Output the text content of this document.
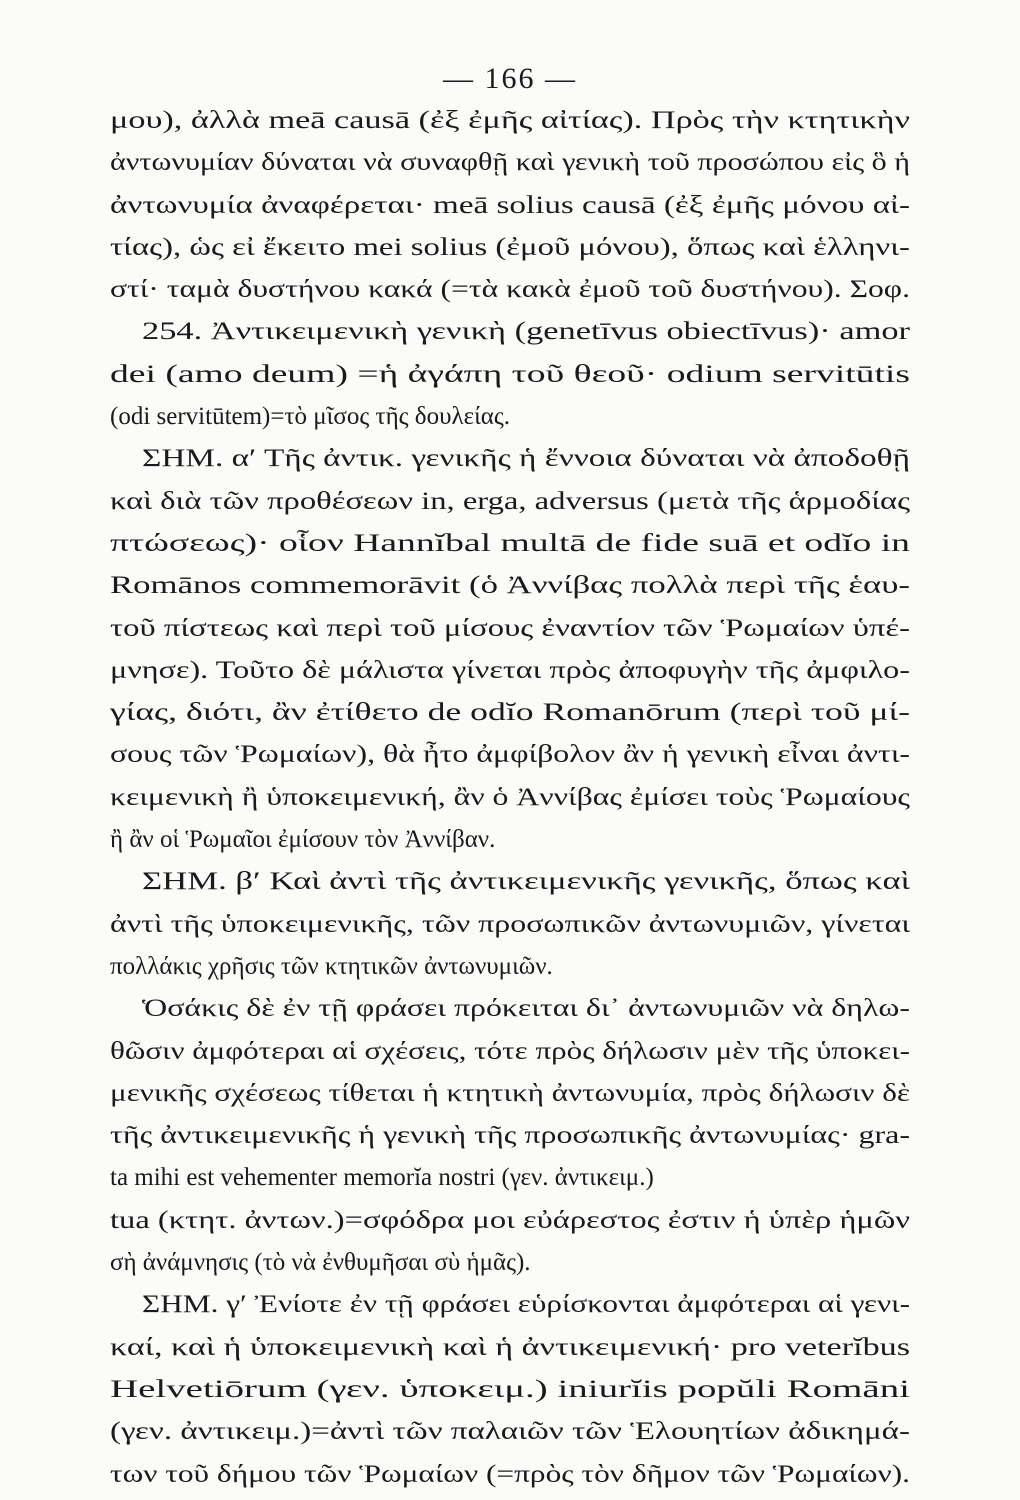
— 166 —
μου), ἀλλὰ meā causā (ἐξ ἐμῆς αἰτίας). Πρὸς τὴν κτητικὴν
ἀντωνυμίαν δύναται νὰ συναφθῇ καὶ γενικὴ τοῦ προσώπου εἰς ὃ ἡ
ἀντωνυμία ἀναφέρεται· meā solius causā (ἐξ ἐμῆς μόνου αἰ-
τίας), ὡς εἰ ἔκειτο mei solius (ἐμοῦ μόνου), ὅπως καὶ ἑλληνι-
στί· ταμὰ δυστήνου κακά (=τὰ κακὰ ἐμοῦ τοῦ δυστήνου). Σοφ.
254. Ἀντικειμενικὴ γενικὴ (genetīvus obiectīvus)· amor
dei (amo deum) =ἡ ἀγάπη τοῦ θεοῦ· odium servitūtis
(odi servitūtem)=τὸ μῖσος τῆς δουλείας.
ΣΗΜ. α′ Τῆς ἀντικ. γενικῆς ἡ ἔννοια δύναται νὰ ἀποδοθῇ
καὶ διὰ τῶν προθέσεων in, erga, adversus (μετὰ τῆς ἁρμοδίας
πτώσεως)· οἷον Hannĭbal multā de fide suā et odĭo in
Romānos commemorāvit (ὁ Ἀννίβας πολλὰ περὶ τῆς ἑαυ-
τοῦ πίστεως καὶ περὶ τοῦ μίσους ἐναντίον τῶν Ῥωμαίων ὑπέ-
μνησε). Τοῦτο δὲ μάλιστα γίνεται πρὸς ἀποφυγὴν τῆς ἀμφιλο-
γίας, διότι, ἂν ἐτίθετο de odĭo Romanōrum (περὶ τοῦ μί-
σους τῶν Ῥωμαίων), θὰ ἦτο ἀμφίβολον ἂν ἡ γενικὴ εἶναι ἀντι-
κειμενικὴ ἢ ὑποκειμενική, ἂν ὁ Ἀννίβας ἐμίσει τοὺς Ῥωμαίους
ἢ ἂν οἱ Ῥωμαῖοι ἐμίσουν τὸν Ἀννίβαν.
ΣΗΜ. β′ Καὶ ἀντὶ τῆς ἀντικειμενικῆς γενικῆς, ὅπως καὶ
ἀντὶ τῆς ὑποκειμενικῆς, τῶν προσωπικῶν ἀντωνυμιῶν, γίνεται
πολλάκις χρῆσις τῶν κτητικῶν ἀντωνυμιῶν.
Ὁσάκις δὲ ἐν τῇ φράσει πρόκειται δι᾽ ἀντωνυμιῶν νὰ δηλω-
θῶσιν ἀμφότεραι αἱ σχέσεις, τότε πρὸς δήλωσιν μὲν τῆς ὑποκει-
μενικῆς σχέσεως τίθεται ἡ κτητικὴ ἀντωνυμία, πρὸς δήλωσιν δὲ
τῆς ἀντικειμενικῆς ἡ γενικὴ τῆς προσωπικῆς ἀντωνυμίας· gra-
ta mihi est vehementer memorĭa nostri (γεν. ἀντικειμ.)
tua (κτητ. ἀντων.)=σφόδρα μοι εὐάρεστος ἐστιν ἡ ὑπὲρ ἡμῶν
σὴ ἀνάμνησις (τὸ νὰ ἐνθυμῆσαι σὺ ἡμᾶς).
ΣΗΜ. γ′ Ἐνίοτε ἐν τῇ φράσει εὑρίσκονται ἀμφότεραι αἱ γενι-
καί, καὶ ἡ ὑποκειμενικὴ καὶ ἡ ἀντικειμενική· pro veterĭbus
Helvetiōrum (γεν. ὑποκειμ.) iniurĭis popŭli Romāni
(γεν. ἀντικειμ.)=ἀντὶ τῶν παλαιῶν τῶν Ἑλουητίων ἀδικημά-
των τοῦ δήμου τῶν Ῥωμαίων (=πρὸς τὸν δῆμον τῶν Ῥωμαίων).
